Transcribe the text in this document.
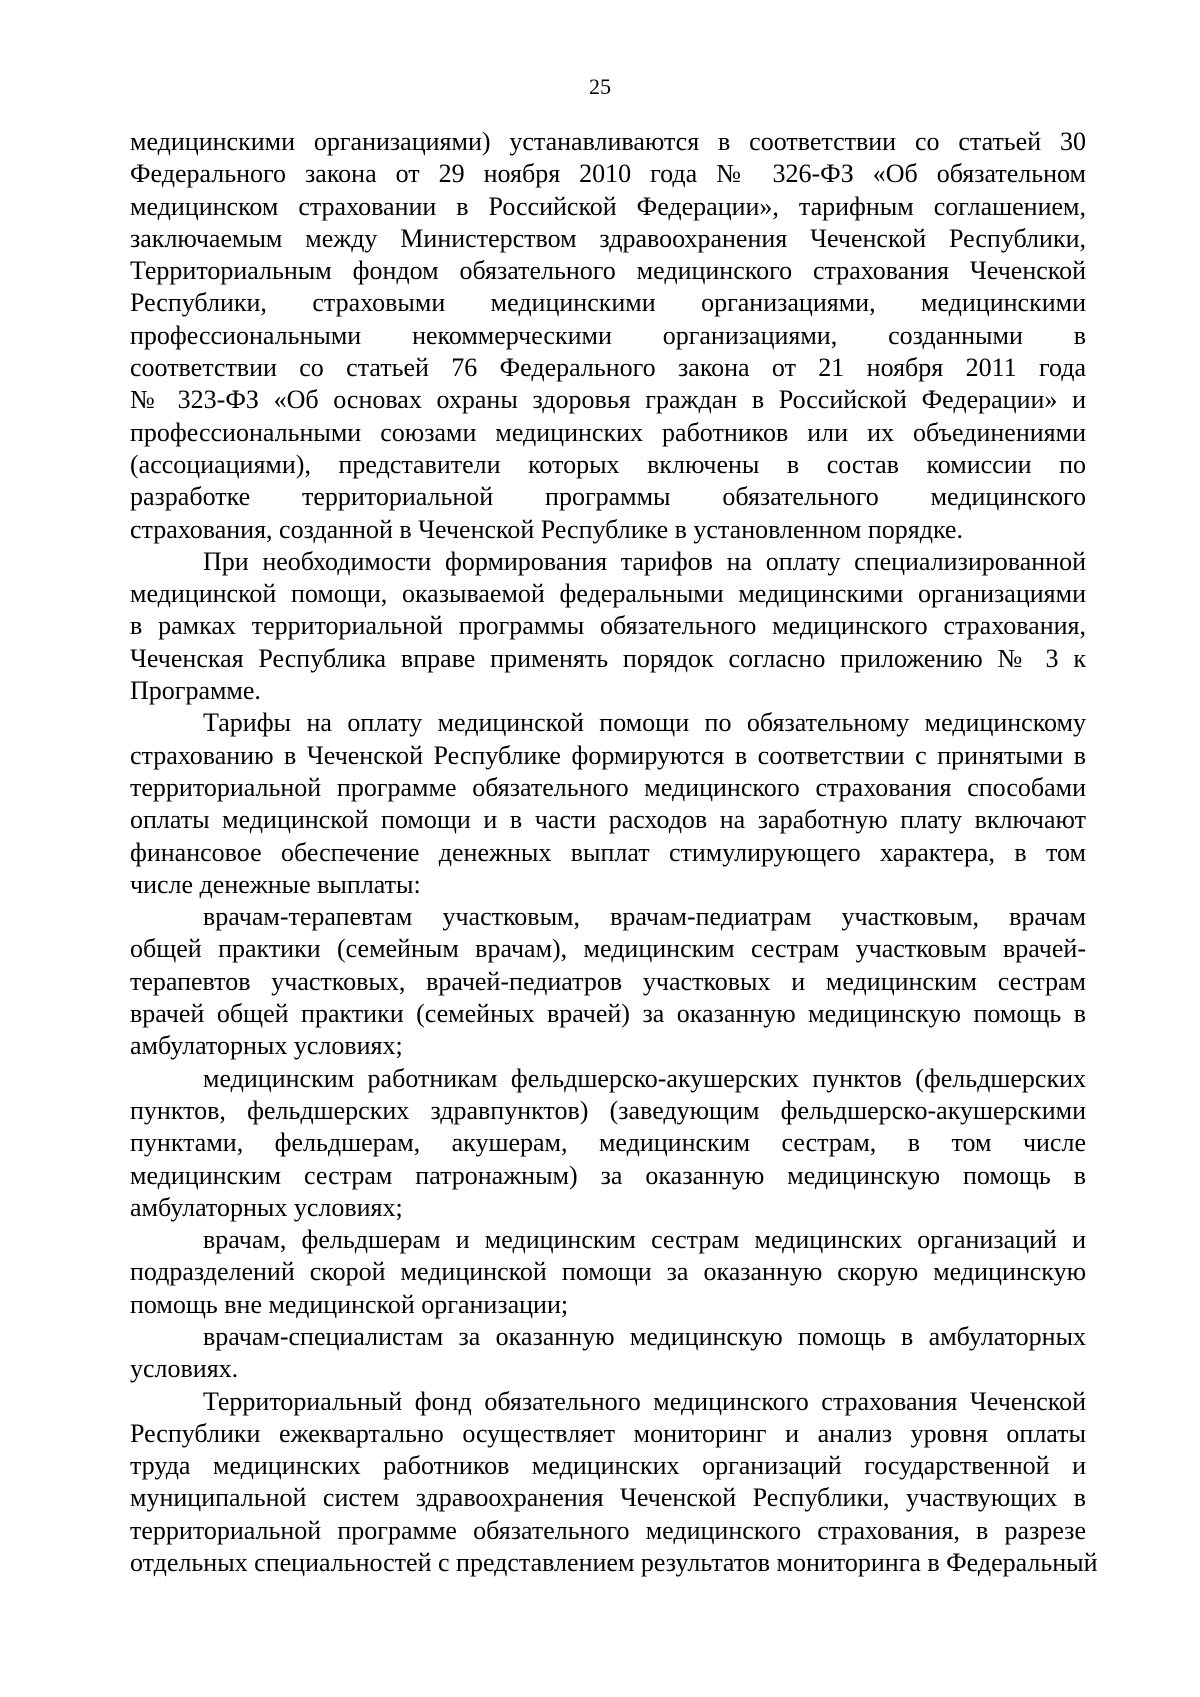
25

медицинскими организациями) устанавливаются в соответствии со статьей 30
Федерального закона от 29 ноября 2010 года № 326-ФЗ «Об обязательном
медицинском страховании в Российской Федерации», тарифным соглашением,
заключаемым между Министерством здравоохранения Чеченской Республики,
Территориальным фондом обязательного медицинского страхования Чеченской
Республики, страховыми медицинскими организациями, медицинскими
профессиональными некоммерческими организациями, созданными в
соответствии со статьей 76 Федерального закона от 21 ноября 2011 года
№ 323-ФЗ «Об основах охраны здоровья граждан в Российской Федерации» и
профессиональными союзами медицинских работников или их объединениями
(ассоциациями), представители которых включены в состав комиссии по
разработке территориальной программы обязательного медицинского
страхования, созданной в Чеченской Республике в установленном порядке.

При необходимости формирования тарифов на оплату специализированной
медицинской помощи, оказываемой федеральными медицинскими организациями
в рамках территориальной программы обязательного медицинского страхования,
Чеченская Республика вправе применять порядок согласно приложению № 3 к
Программе.

Тарифы на оплату медицинской помощи по обязательному медицинскому
страхованию в Чеченской Республике формируются в соответствии с принятыми в
территориальной программе обязательного медицинского страхования способами
оплаты медицинской помощи и в части расходов на заработную плату включают
финансовое обеспечение денежных выплат стимулирующего характера, в том
числе денежные выплаты:

врачам-терапевтам участковым, врачам-педиатрам участковым, врачам
общей практики (семейным врачам), медицинским сестрам участковым врачей-
терапевтов участковых, врачей-педиатров участковых и медицинским сестрам
врачей общей практики (семейных врачей) за оказанную медицинскую помощь в
амбулаторных условиях;

медицинским работникам фельдшерско-акушерских пунктов (фельдшерских
пунктов, фельдшерских здравпунктов) (заведующим фельдшерско-акушерскими
пунктами, фельдшерам, акушерам, медицинским сестрам, в том числе
медицинским сестрам патронажным) за оказанную медицинскую помощь в
амбулаторных условиях;

врачам, фельдшерам и медицинским сестрам медицинских организаций и
подразделений скорой медицинской помощи за оказанную скорую медицинскую
помощь вне медицинской организации;

врачам-специалистам за оказанную медицинскую помощь в амбулаторных
условиях.

Территориальный фонд обязательного медицинского страхования Чеченской
Республики ежеквартально осуществляет мониторинг и анализ уровня оплаты
труда медицинских работников медицинских организаций государственной и
муниципальной систем здравоохранения Чеченской Республики, участвующих в
территориальной программе обязательного медицинского страхования, в разрезе
отдельных специальностей с представлением результатов мониторинга в Федеральный
